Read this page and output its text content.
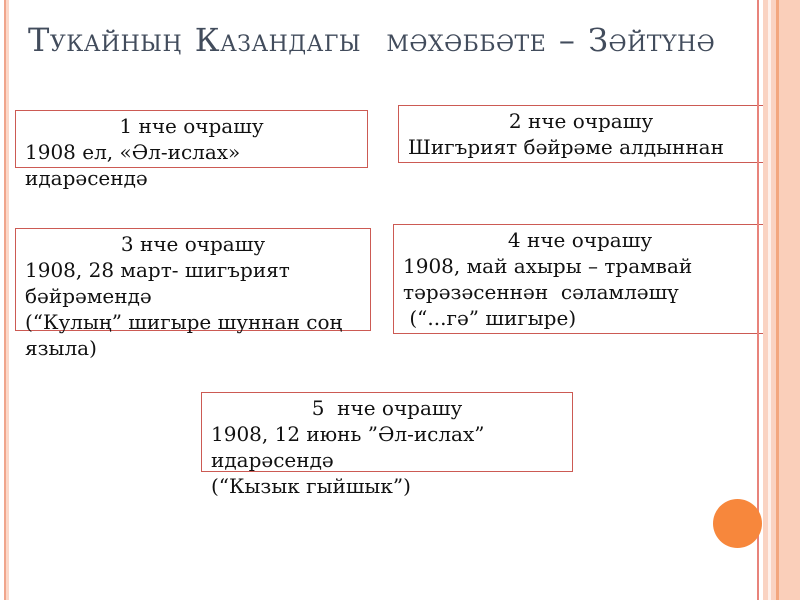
Тукайның Казандагы  мәхәббәте – Зәйтүнә
1 нче очрашу
1908 ел, «Әл-ислах» идарәсендә
2 нче очрашу
Шигърият бәйрәме алдыннан
3 нче очрашу
1908, 28 март- шигърият бәйрәмендә
(“Кулың” шигыре шуннан соң языла)
4 нче очрашу
1908, май ахыры – трамвай
тәрәзәсеннән  сәламләшү
(“...гә” шигыре)
5  нче очрашу
1908, 12 июнь ”Әл-ислах” идарәсендә
(“Кызык гыйшык”)
